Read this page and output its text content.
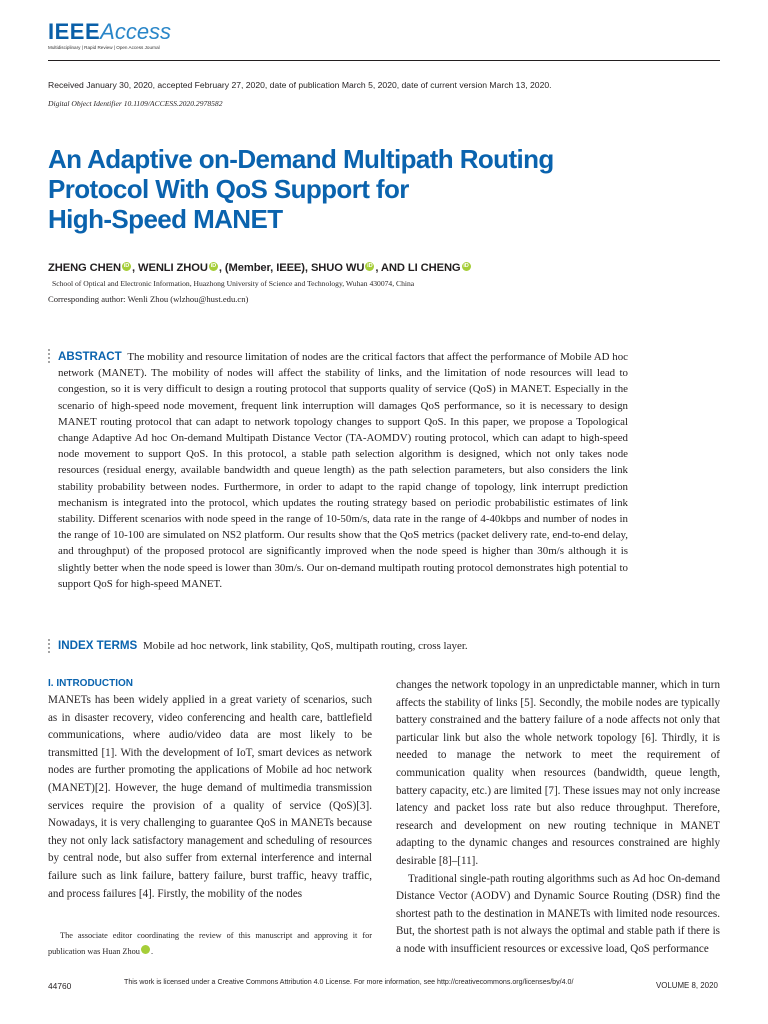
IEEEAccess
Multidisciplinary | Rapid Review | Open Access Journal
Received January 30, 2020, accepted February 27, 2020, date of publication March 5, 2020, date of current version March 13, 2020.
Digital Object Identifier 10.1109/ACCESS.2020.2978582
An Adaptive on-Demand Multipath Routing
Protocol With QoS Support for
High-Speed MANET
ZHENG CHEN iD , WENLI ZHOU iD , (Member, IEEE), SHUO WU iD , AND LI CHENG iD
School of Optical and Electronic Information, Huazhong University of Science and Technology, Wuhan 430074, China
Corresponding author: Wenli Zhou (wlzhou@hust.edu.cn)
ABSTRACT The mobility and resource limitation of nodes are the critical factors that affect the performance of Mobile AD hoc network (MANET). The mobility of nodes will affect the stability of links, and the limitation of node resources will lead to congestion, so it is very difficult to design a routing protocol that supports quality of service (QoS) in MANET. Especially in the scenario of high-speed node movement, frequent link interruption will damages QoS performance, so it is necessary to design MANET routing protocol that can adapt to network topology changes to support QoS. In this paper, we propose a Topological change Adaptive Ad hoc On-demand Multipath Distance Vector (TA-AOMDV) routing protocol, which can adapt to high-speed node movement to support QoS. In this protocol, a stable path selection algorithm is designed, which not only takes node resources (residual energy, available bandwidth and queue length) as the path selection parameters, but also considers the link stability probability between nodes. Furthermore, in order to adapt to the rapid change of topology, link interrupt prediction mechanism is integrated into the protocol, which updates the routing strategy based on periodic probabilistic estimates of link stability. Different scenarios with node speed in the range of 10-50m/s, data rate in the range of 4-40kbps and number of nodes in the range of 10-100 are simulated on NS2 platform. Our results show that the QoS metrics (packet delivery rate, end-to-end delay, and throughput) of the proposed protocol are significantly improved when the node speed is higher than 30m/s although it is slightly better when the node speed is lower than 30m/s. Our on-demand multipath routing protocol demonstrates high potential to support QoS for high-speed MANET.
INDEX TERMS Mobile ad hoc network, link stability, QoS, multipath routing, cross layer.
I. INTRODUCTION

MANETs has been widely applied in a great variety of scenarios, such as in disaster recovery, video conferencing and health care, battlefield communications, where audio/video data are most likely to be transmitted [1]. With the development of IoT, smart devices as network nodes are further promoting the applications of Mobile ad hoc network (MANET)[2]. However, the huge demand of multimedia transmission services require the provision of a quality of service (QoS)[3]. Nowadays, it is very challenging to guarantee QoS in MANETs because they not only lack satisfactory management and scheduling of resources by central node, but also suffer from external interference and internal failure such as link failure, battery failure, burst traffic, heavy traffic, and process failures [4]. Firstly, the mobility of the nodes

changes the network topology in an unpredictable manner, which in turn affects the stability of links [5]. Secondly, the mobile nodes are typically battery constrained and the battery failure of a node affects not only that particular link but also the whole network topology [6]. Thirdly, it is needed to manage the network to meet the requirement of communication quality when resources (bandwidth, queue length, battery capacity, etc.) are limited [7]. These issues may not only increase latency and packet loss rate but also reduce throughput. Therefore, research and development on new routing technique in MANET adapting to the dynamic changes and resources constrained are highly desirable [8]–[11].

Traditional single-path routing algorithms such as Ad hoc On-demand Distance Vector (AODV) and Dynamic Source Routing (DSR) find the shortest path to the destination in MANETs with limited node resources. But, the shortest path is not always the optimal and stable path if there is a node with insufficient resources or excessive load, QoS performance

The associate editor coordinating the review of this manuscript and approving it for publication was Huan Zhou iD.
44760	This work is licensed under a Creative Commons Attribution 4.0 License. For more information, see http://creativecommons.org/licenses/by/4.0/	VOLUME 8, 2020
